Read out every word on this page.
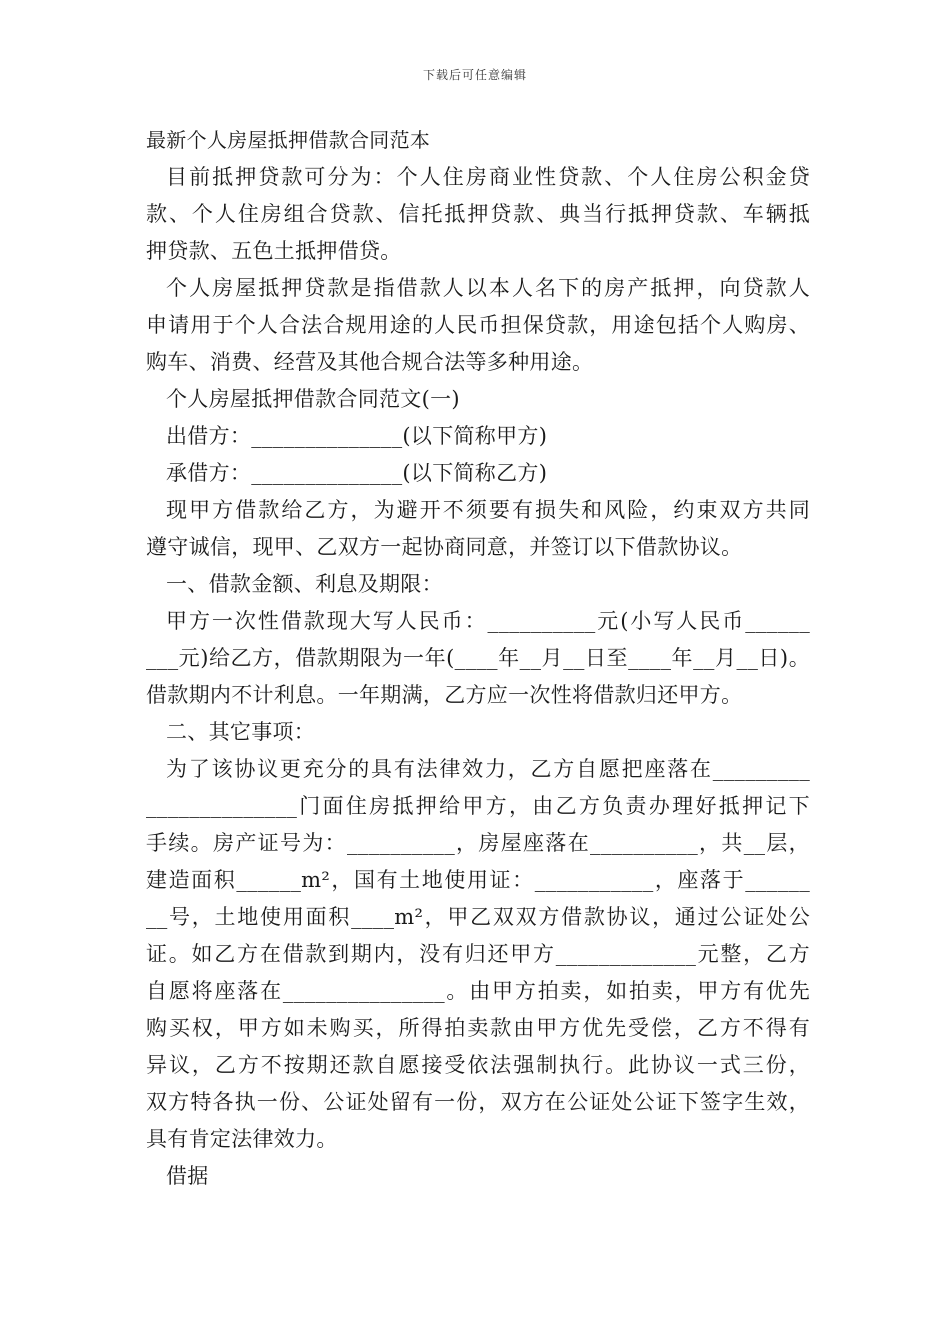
下载后可任意编辑
最新个人房屋抵押借款合同范本
目前抵押贷款可分为：个人住房商业性贷款、个人住房公积金贷
款、个人住房组合贷款、信托抵押贷款、典当行抵押贷款、车辆抵
押贷款、五色土抵押借贷。
个人房屋抵押贷款是指借款人以本人名下的房产抵押，向贷款人
申请用于个人合法合规用途的人民币担保贷款，用途包括个人购房、
购车、消费、经营及其他合规合法等多种用途。
个人房屋抵押借款合同范文(一)
出借方：______________(以下简称甲方)
承借方：______________(以下简称乙方)
现甲方借款给乙方，为避开不须要有损失和风险，约束双方共同
遵守诚信，现甲、乙双方一起协商同意，并签订以下借款协议。
一、借款金额、利息及期限：
甲方一次性借款现大写人民币：__________元(小写人民币______
___元)给乙方，借款期限为一年(____年__月__日至____年__月__日)。
借款期内不计利息。一年期满，乙方应一次性将借款归还甲方。
二、其它事项：
为了该协议更充分的具有法律效力，乙方自愿把座落在_________
______________门面住房抵押给甲方，由乙方负责办理好抵押记下
手续。房产证号为：__________，房屋座落在__________，共__层，
建造面积______m²，国有土地使用证：___________，座落于______
__号，土地使用面积____m²，甲乙双双方借款协议，通过公证处公
证。如乙方在借款到期内，没有归还甲方_____________元整，乙方
自愿将座落在_______________。由甲方拍卖，如拍卖，甲方有优先
购买权，甲方如未购买，所得拍卖款由甲方优先受偿，乙方不得有
异议，乙方不按期还款自愿接受依法强制执行。此协议一式三份，
双方特各执一份、公证处留有一份，双方在公证处公证下签字生效，
具有肯定法律效力。
借据
